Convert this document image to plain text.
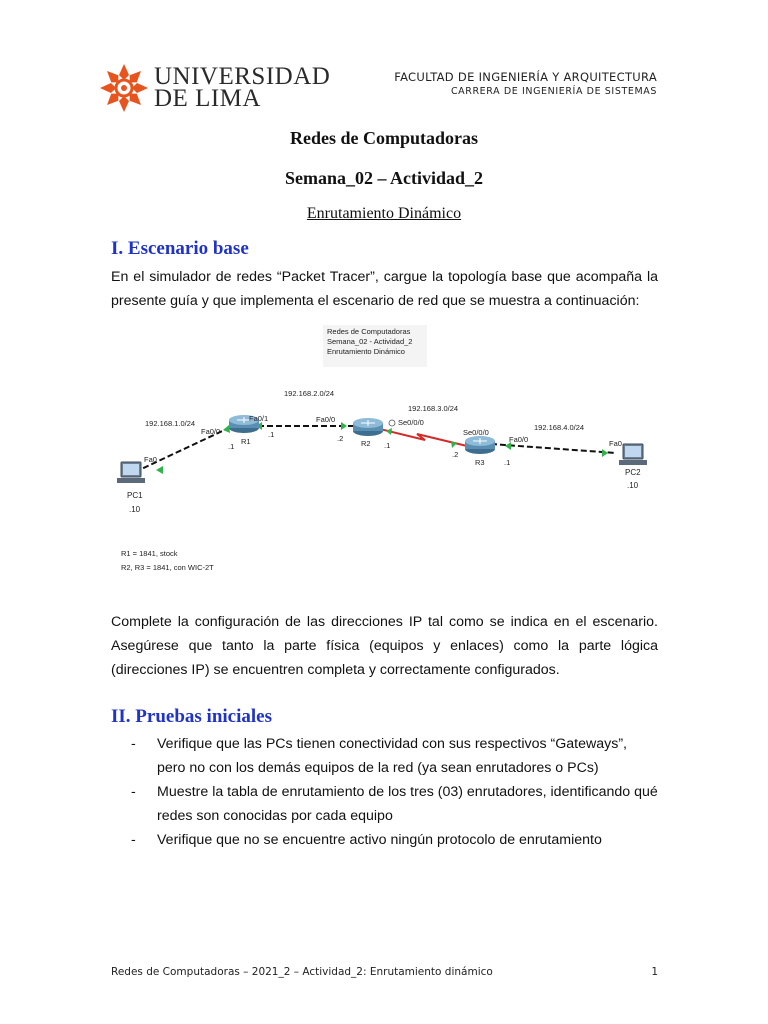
UNIVERSIDAD
DE LIMA
FACULTAD DE INGENIERÍA Y ARQUITECTURA
CARRERA DE INGENIERÍA DE SISTEMAS
Redes de Computadoras
Semana_02 – Actividad_2
Enrutamiento Dinámico
I. Escenario base
En el simulador de redes “Packet Tracer”, cargue la topología base que acompaña la presente guía y que implementa el escenario de red que se muestra a continuación:
Redes de Computadoras
Semana_02 - Actividad_2
Enrutamiento Dinámico
PC1
.10
Fa0
R1
192.168.1.0/24
Fa0/0
Fa0/1
.1
.1
192.168.2.0/24
R2
Fa0/0
.2
Se0/0/0
.1
192.168.3.0/24
R3
Se0/0/0
Fa0/0
.2
.1
192.168.4.0/24
Fa0
PC2
.10
R1 = 1841, stock
R2, R3 = 1841, con WIC-2T
Complete la configuración de las direcciones IP tal como se indica en el escenario. Asegúrese que tanto la parte física (equipos y enlaces) como la parte lógica (direcciones IP) se encuentren completa y correctamente configurados.
II. Pruebas iniciales
- Verifique que las PCs tienen conectividad con sus respectivos “Gateways”, pero no con los demás equipos de la red (ya sean enrutadores o PCs)
- Muestre la tabla de enrutamiento de los tres (03) enrutadores, identificando qué redes son conocidas por cada equipo
- Verifique que no se encuentre activo ningún protocolo de enrutamiento
Redes de Computadoras – 2021_2 – Actividad_2: Enrutamiento dinámico	1
